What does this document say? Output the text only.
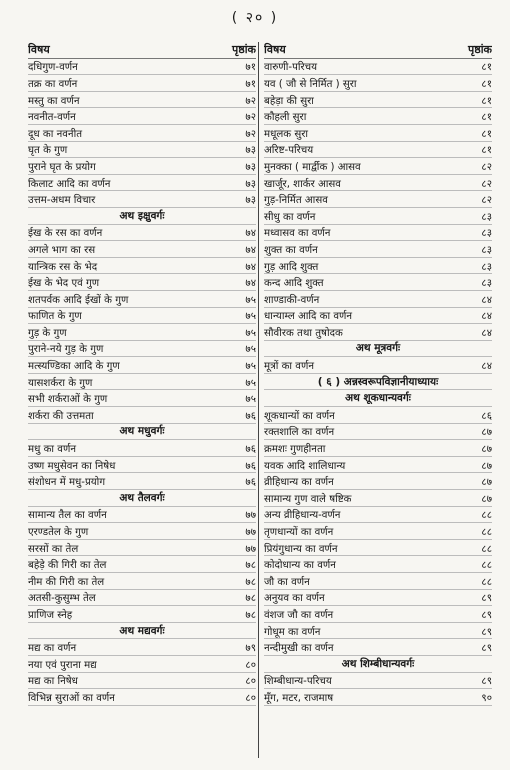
( २० )
विषय	पृष्ठांक
दधिगुण-वर्णन	७१
तक्र का वर्णन	७१
मस्तु का वर्णन	७२
नवनीत-वर्णन	७२
दूध का नवनीत	७२
घृत के गुण	७३
पुराने घृत के प्रयोग	७३
किलाट आदि का वर्णन	७३
उत्तम-अधम विचार	७३
अथ इक्षुवर्गः
ईख के रस का वर्णन	७४
अगले भाग का रस	७४
यान्त्रिक रस के भेद	७४
ईख के भेद एवं गुण	७४
शतपर्वक आदि ईखों के गुण	७५
फाणित के गुण	७५
गुड़ के गुण	७५
पुराने-नये गुड़ के गुण	७५
मत्स्यण्डिका आदि के गुण	७५
यासशर्करा के गुण	७५
सभी शर्कराओं के गुण	७५
शर्करा की उत्तमता	७६
अथ मधुवर्गः
मधु का वर्णन	७६
उष्ण मधुसेवन का निषेध	७६
संशोधन में मधु-प्रयोग	७६
अथ तैलवर्गः
सामान्य तैल का वर्णन	७७
एरण्डतेल के गुण	७७
सरसों का तेल	७७
बहेड़े की गिरी का तेल	७८
नीम की गिरी का तेल	७८
अतसी-कुसुम्भ तेल	७८
प्राणिज स्नेह	७८
अथ मद्यवर्गः
मद्य का वर्णन	७९
नया एवं पुराना मद्य	८०
मद्य का निषेध	८०
विभिन्न सुराओं का वर्णन	८०
विषय	पृष्ठांक
वारुणी-परिचय	८१
यव ( जौ से निर्मित ) सुरा	८१
बहेड़ा की सुरा	८१
कौहली सुरा	८१
मधूलक सुरा	८१
अरिष्ट-परिचय	८१
मुनक्का ( मार्द्वीक ) आसव	८२
खार्जूर, शार्कर आसव	८२
गुड़-निर्मित आसव	८२
सीधु का वर्णन	८३
मध्वासव का वर्णन	८३
शुक्त का वर्णन	८३
गुड़ आदि शुक्त	८३
कन्द आदि शुक्त	८३
शाण्डाकी-वर्णन	८४
धान्याम्ल आदि का वर्णन	८४
सौवीरक तथा तुषोदक	८४
अथ मूत्रवर्गः
मूत्रों का वर्णन	८४
( ६ ) अन्नस्वरूपविज्ञानीयाध्यायः
अथ शूकधान्यवर्गः
शूकधान्यों का वर्णन	८६
रक्तशालि का वर्णन	८७
क्रमशः गुणहीनता	८७
यवक आदि शालिधान्य	८७
व्रीहिधान्य का वर्णन	८७
सामान्य गुण वाले षष्टिक	८७
अन्य व्रीहिधान्य-वर्णन	८८
तृणधान्यों का वर्णन	८८
प्रियंगुधान्य का वर्णन	८८
कोदोधान्य का वर्णन	८८
जौ का वर्णन	८८
अनुयव का वर्णन	८९
वंशज जौ का वर्णन	८९
गोधूम का वर्णन	८९
नन्दीमुखी का वर्णन	८९
अथ शिम्बीधान्यवर्गः
शिम्बीधान्य-परिचय	८९
मूँग, मटर, राजमाष	९०
